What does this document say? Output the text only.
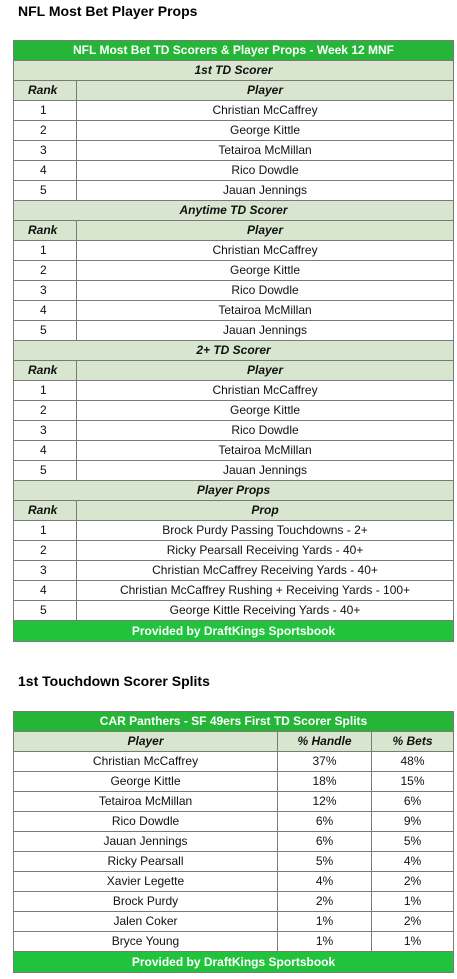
NFL Most Bet Player Props
NFL Most Bet TD Scorers & Player Props - Week 12 MNF	
1st TD Scorer	
Rank	Player
1	Christian McCaffrey
2	George Kittle
3	Tetairoa McMillan
4	Rico Dowdle
5	Jauan Jennings
Anytime TD Scorer	
Rank	Player
1	Christian McCaffrey
2	George Kittle
3	Rico Dowdle
4	Tetairoa McMillan
5	Jauan Jennings
2+ TD Scorer	
Rank	Player
1	Christian McCaffrey
2	George Kittle
3	Rico Dowdle
4	Tetairoa McMillan
5	Jauan Jennings
Player Props	
Rank	Prop
1	Brock Purdy Passing Touchdowns - 2+
2	Ricky Pearsall Receiving Yards - 40+
3	Christian McCaffrey Receiving Yards - 40+
4	Christian McCaffrey Rushing + Receiving Yards - 100+
5	George Kittle Receiving Yards - 40+
Provided by DraftKings Sportsbook	
1st Touchdown Scorer Splits
CAR Panthers - SF 49ers First TD Scorer Splits		
Player	% Handle	% Bets
Christian McCaffrey	37%	48%
George Kittle	18%	15%
Tetairoa McMillan	12%	6%
Rico Dowdle	6%	9%
Jauan Jennings	6%	5%
Ricky Pearsall	5%	4%
Xavier Legette	4%	2%
Brock Purdy	2%	1%
Jalen Coker	1%	2%
Bryce Young	1%	1%
Provided by DraftKings Sportsbook		
